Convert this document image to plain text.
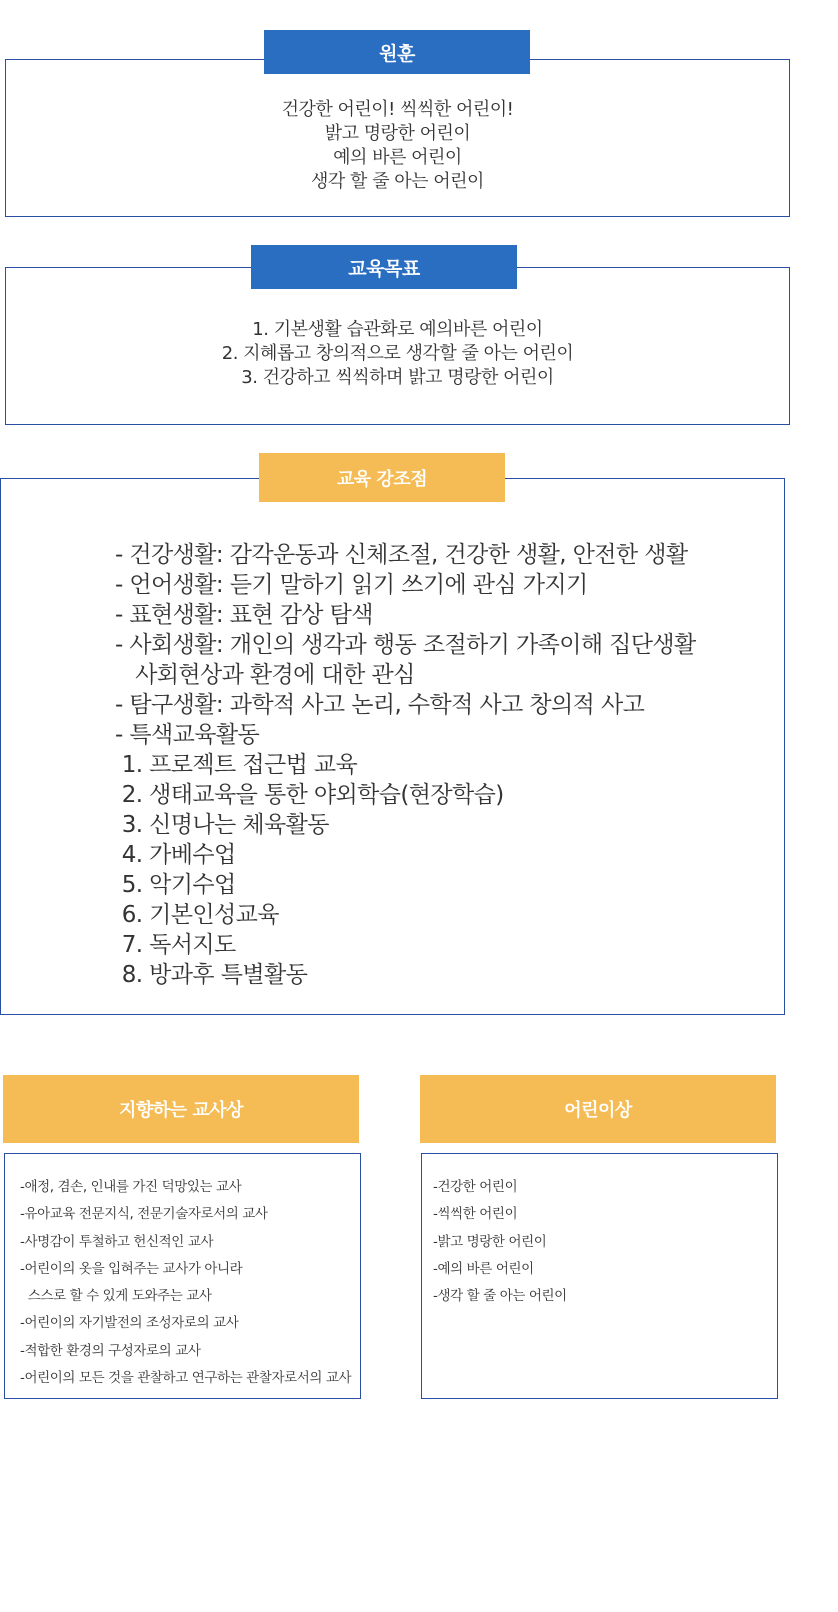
건강한 어린이! 씩씩한 어린이!
밝고 명랑한 어린이
예의 바른 어린이
생각 할 줄 아는 어린이
원훈
1. 기본생활 습관화로 예의바른 어린이
2. 지혜롭고 창의적으로 생각할 줄 아는 어린이
3. 건강하고 씩씩하며 밝고 명랑한 어린이
교육목표
교육 강조점
- 건강생활: 감각운동과 신체조절, 건강한 생활, 안전한 생활
- 언어생활: 듣기 말하기 읽기 쓰기에 관심 가지기
- 표현생활: 표현 감상 탐색
- 사회생활: 개인의 생각과 행동 조절하기 가족이해 집단생활
사회현상과 환경에 대한 관심
- 탐구생활: 과학적 사고 논리, 수학적 사고 창의적 사고
- 특색교육활동
1. 프로젝트 접근법 교육
2. 생태교육을 통한 야외학습(현장학습)
3. 신명나는 체육활동
4. 가베수업
5. 악기수업
6. 기본인성교육
7. 독서지도
8. 방과후 특별활동
지향하는 교사상
-애정, 겸손, 인내를 가진 덕망있는 교사
-유아교육 전문지식, 전문기술자로서의 교사
-사명감이 투철하고 헌신적인 교사
-어린이의 옷을 입혀주는 교사가 아니라
스스로 할 수 있게 도와주는 교사
-어린이의 자기발전의 조성자로의 교사
-적합한 환경의 구성자로의 교사
-어린이의 모든 것을 관찰하고 연구하는 관찰자로서의 교사
어린이상
-건강한 어린이
-씩씩한 어린이
-밝고 명랑한 어린이
-예의 바른 어린이
-생각 할 줄 아는 어린이
